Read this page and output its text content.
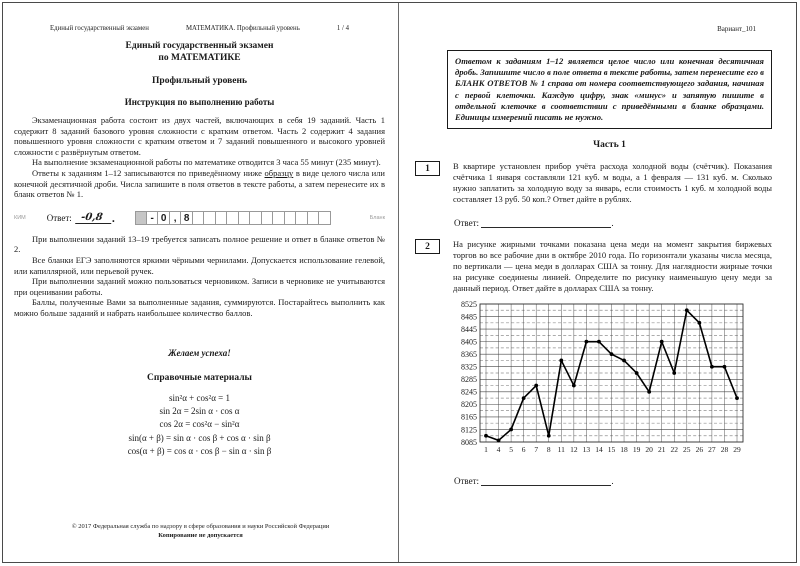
Единый государственный экзамен	МАТЕМАТИКА. Профильный уровень	1 / 4
Единый государственный экзамен
по МАТЕМАТИКЕ
Профильный уровень
Инструкция по выполнению работы

Экзаменационная работа состоит из двух частей, включающих в себя 19 заданий. Часть 1 содержит 8 заданий базового уровня сложности с кратким ответом. Часть 2 содержит 4 задания повышенного уровня сложности с кратким ответом и 7 заданий повышенного и высокого уровней сложности с развёрнутым ответом.

На выполнение экзаменационной работы по математике отводится 3 часа 55 минут (235 минут).

Ответы к заданиям 1–12 записываются по приведённому ниже образцу в виде целого числа или конечной десятичной дроби. Числа запишите в поля ответов в тексте работы, а затем перенесите их в бланк ответов № 1.

КИМ Ответ: -0,8 .	- 0 , 8	Бланк

При выполнении заданий 13–19 требуется записать полное решение и ответ в бланке ответов № 2.

Все бланки ЕГЭ заполняются яркими чёрными чернилами. Допускается использование гелевой, или капиллярной, или перьевой ручек.

При выполнении заданий можно пользоваться черновиком. Записи в черновике не учитываются при оценивании работы.

Баллы, полученные Вами за выполненные задания, суммируются. Постарайтесь выполнить как можно больше заданий и набрать наибольшее количество баллов.

Желаем успеха!
Справочные материалы
sin²α + cos²α = 1
sin 2α = 2sin α · cos α
cos 2α = cos²α − sin²α
sin(α + β) = sin α · cos β + cos α · sin β
cos(α + β) = cos α · cos β − sin α · sin β
© 2017 Федеральная служба по надзору в сфере образования и науки Российской Федерации
Копирование не допускается
Вариант_101
Ответом к заданиям 1–12 является целое число или конечная десятичная дробь. Запишите число в поле ответа в тексте работы, затем перенесите его в БЛАНК ОТВЕТОВ № 1 справа от номера соответствующего задания, начиная с первой клеточки. Каждую цифру, знак «минус» и запятую пишите в отдельной клеточке в соответствии с приведёнными в бланке образцами. Единицы измерений писать не нужно.
Часть 1
1	В квартире установлен прибор учёта расхода холодной воды (счётчик). Показания счётчика 1 января составляли 121 куб. м воды, а 1 февраля — 131 куб. м. Сколько нужно заплатить за холодную воду за январь, если стоимость 1 куб. м холодной воды составляет 13 руб. 50 коп.? Ответ дайте в рублях.
Ответ:	.
2	На рисунке жирными точками показана цена меди на момент закрытия биржевых торгов во все рабочие дни в октябре 2010 года. По горизонтали указаны числа месяца, по вертикали — цена меди в долларах США за тонну. Для наглядности жирные точки на рисунке соединены линией. Определите по рисунку наименьшую цену меди за данный период. Ответ дайте в долларах США за тонну.
8085
8125
8165
8205
8245
8285
8325
8365
8405
8445
8485
8525
1 4 5 6 7 8 11 12 13 14 15 18 19 20 21 22 25 26 27 28 29
Ответ:	.
